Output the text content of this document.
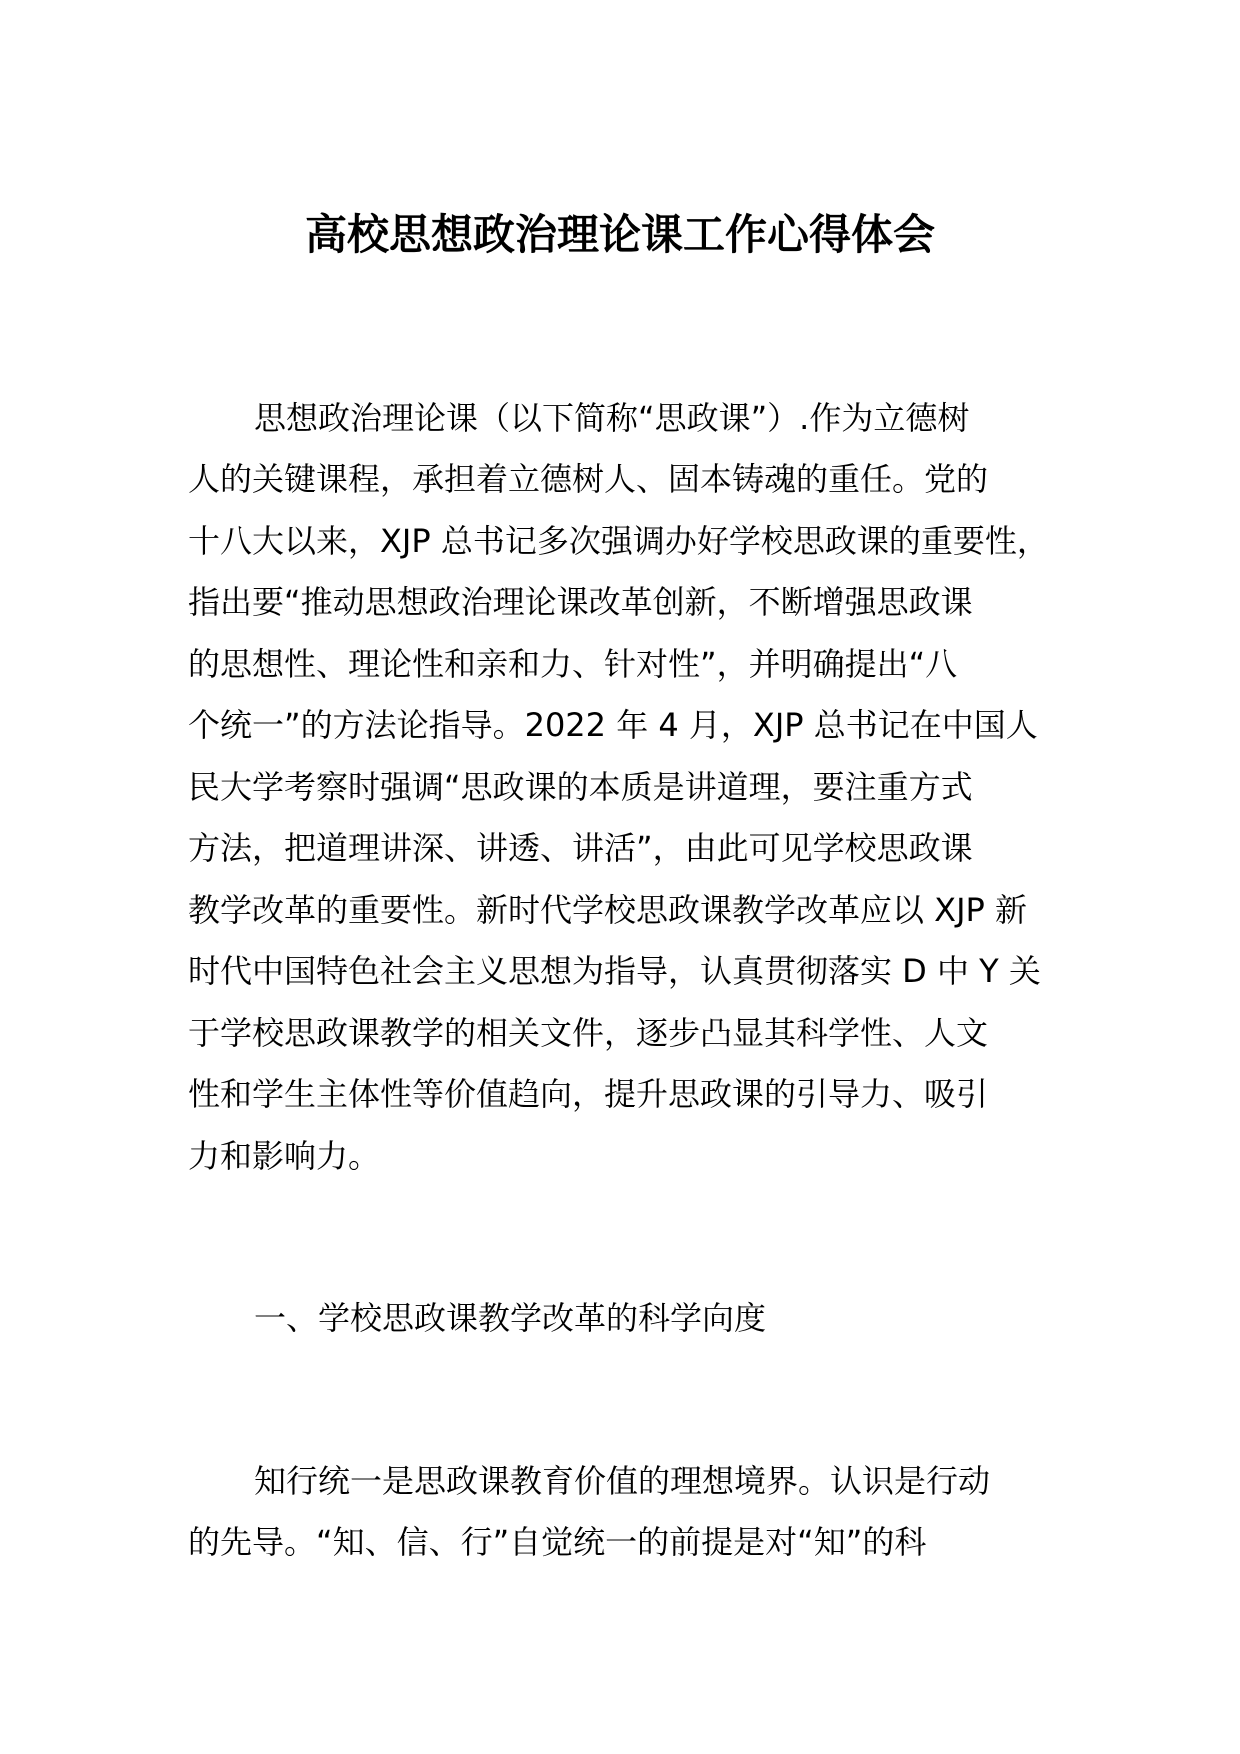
高校思想政治理论课工作心得体会
思想政治理论课（以下简称“思政课”）.作为立德树
人的关键课程，承担着立德树人、固本铸魂的重任。党的
十八大以来，XJP 总书记多次强调办好学校思政课的重要性，
指出要“推动思想政治理论课改革创新，不断增强思政课
的思想性、理论性和亲和力、针对性”，并明确提出“八
个统一”的方法论指导。2022 年 4 月，XJP 总书记在中国人
民大学考察时强调“思政课的本质是讲道理，要注重方式
方法，把道理讲深、讲透、讲活”，由此可见学校思政课
教学改革的重要性。新时代学校思政课教学改革应以 XJP 新
时代中国特色社会主义思想为指导，认真贯彻落实 D 中 Y 关
于学校思政课教学的相关文件，逐步凸显其科学性、人文
性和学生主体性等价值趋向，提升思政课的引导力、吸引
力和影响力。
一、学校思政课教学改革的科学向度
知行统一是思政课教育价值的理想境界。认识是行动
的先导。“知、信、行”自觉统一的前提是对“知”的科
